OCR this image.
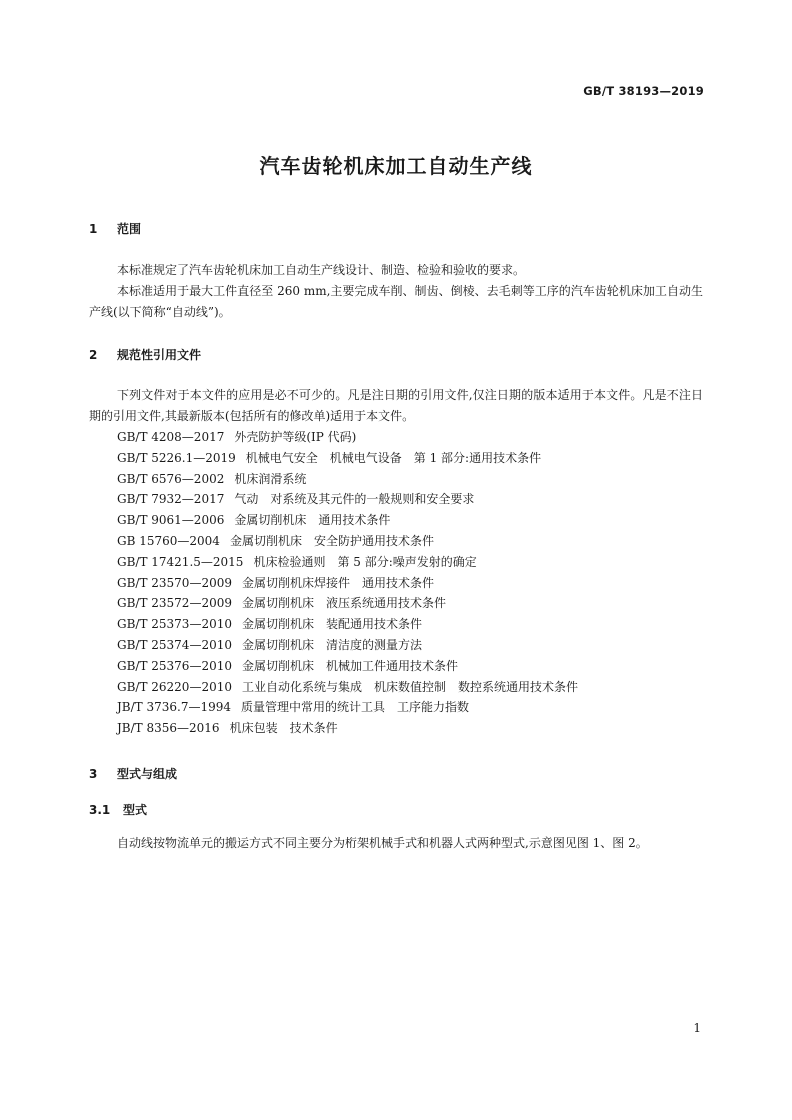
GB/T 38193—2019
汽车齿轮机床加工自动生产线
1 范围
本标准规定了汽车齿轮机床加工自动生产线设计、制造、检验和验收的要求。
本标准适用于最大工件直径至 260 mm,主要完成车削、制齿、倒棱、去毛刺等工序的汽车齿轮机床加工自动生产线(以下简称“自动线”)。
2 规范性引用文件
下列文件对于本文件的应用是必不可少的。凡是注日期的引用文件,仅注日期的版本适用于本文件。凡是不注日期的引用文件,其最新版本(包括所有的修改单)适用于本文件。
GB/T 4208—2017 外壳防护等级(IP 代码)
GB/T 5226.1—2019 机械电气安全　机械电气设备　第 1 部分:通用技术条件
GB/T 6576—2002 机床润滑系统
GB/T 7932—2017 气动　对系统及其元件的一般规则和安全要求
GB/T 9061—2006 金属切削机床　通用技术条件
GB 15760—2004 金属切削机床　安全防护通用技术条件
GB/T 17421.5—2015 机床检验通则　第 5 部分:噪声发射的确定
GB/T 23570—2009 金属切削机床焊接件　通用技术条件
GB/T 23572—2009 金属切削机床　液压系统通用技术条件
GB/T 25373—2010 金属切削机床　装配通用技术条件
GB/T 25374—2010 金属切削机床　清洁度的测量方法
GB/T 25376—2010 金属切削机床　机械加工件通用技术条件
GB/T 26220—2010 工业自动化系统与集成　机床数值控制　数控系统通用技术条件
JB/T 3736.7—1994 质量管理中常用的统计工具　工序能力指数
JB/T 8356—2016 机床包装　技术条件
3 型式与组成
3.1 型式
自动线按物流单元的搬运方式不同主要分为桁架机械手式和机器人式两种型式,示意图见图 1、图 2。
1
